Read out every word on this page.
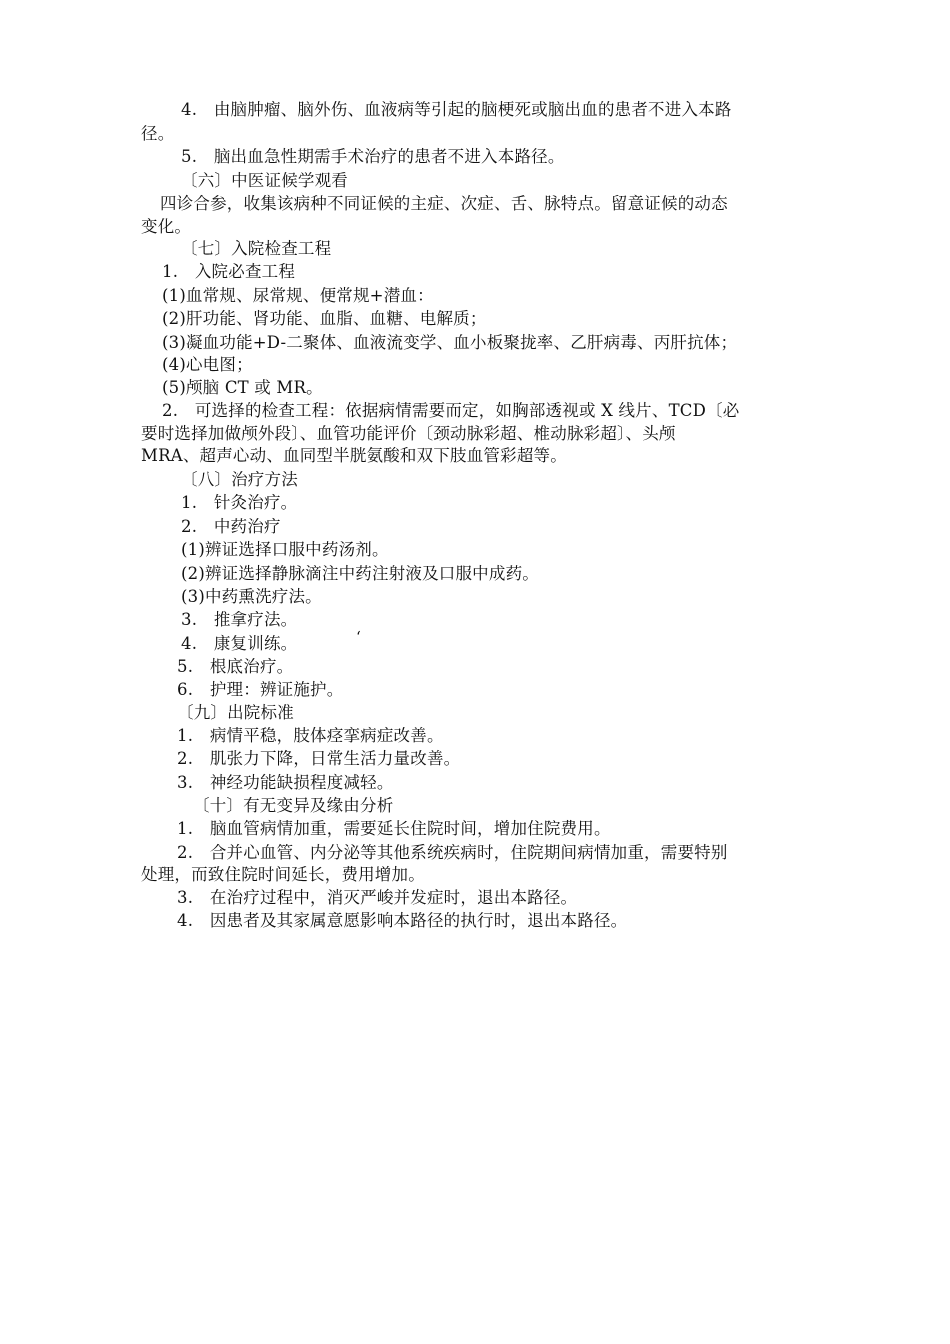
4.　由脑肿瘤、脑外伤、血液病等引起的脑梗死或脑出血的患者不进入本路
径。
5.　脑出血急性期需手术治疗的患者不进入本路径。
〔六〕中医证候学观看
四诊合参，收集该病种不同证候的主症、次症、舌、脉特点。留意证候的动态
变化。
〔七〕入院检查工程
1.　入院必查工程
(1)血常规、尿常规、便常规+潜血：
(2)肝功能、肾功能、血脂、血糖、电解质；
(3)凝血功能+D-二聚体、血液流变学、血小板聚拢率、乙肝病毒、丙肝抗体；
(4)心电图；
(5)颅脑 CT 或 MR。
2.　可选择的检查工程：依据病情需要而定，如胸部透视或 X 线片、TCD〔必
要时选择加做颅外段〕、血管功能评价〔颈动脉彩超、椎动脉彩超〕、头颅
MRA、超声心动、血同型半胱氨酸和双下肢血管彩超等。
〔八〕治疗方法
1.　针灸治疗。
2.　中药治疗
(1)辨证选择口服中药汤剂。
(2)辨证选择静脉滴注中药注射液及口服中成药。
(3)中药熏洗疗法。
3.　推拿疗法。
4.　康复训练。	‘
5.　根底治疗。
6.　护理：辨证施护。
〔九〕出院标准
1.　病情平稳，肢体痉挛病症改善。
2.　肌张力下降，日常生活力量改善。
3.　神经功能缺损程度减轻。
〔十〕有无变异及缘由分析
1.　脑血管病情加重，需要延长住院时间，增加住院费用。
2.　合并心血管、内分泌等其他系统疾病时，住院期间病情加重，需要特别
处理，而致住院时间延长，费用增加。
3.　在治疗过程中，消灭严峻并发症时，退出本路径。
4.　因患者及其家属意愿影响本路径的执行时，退出本路径。
